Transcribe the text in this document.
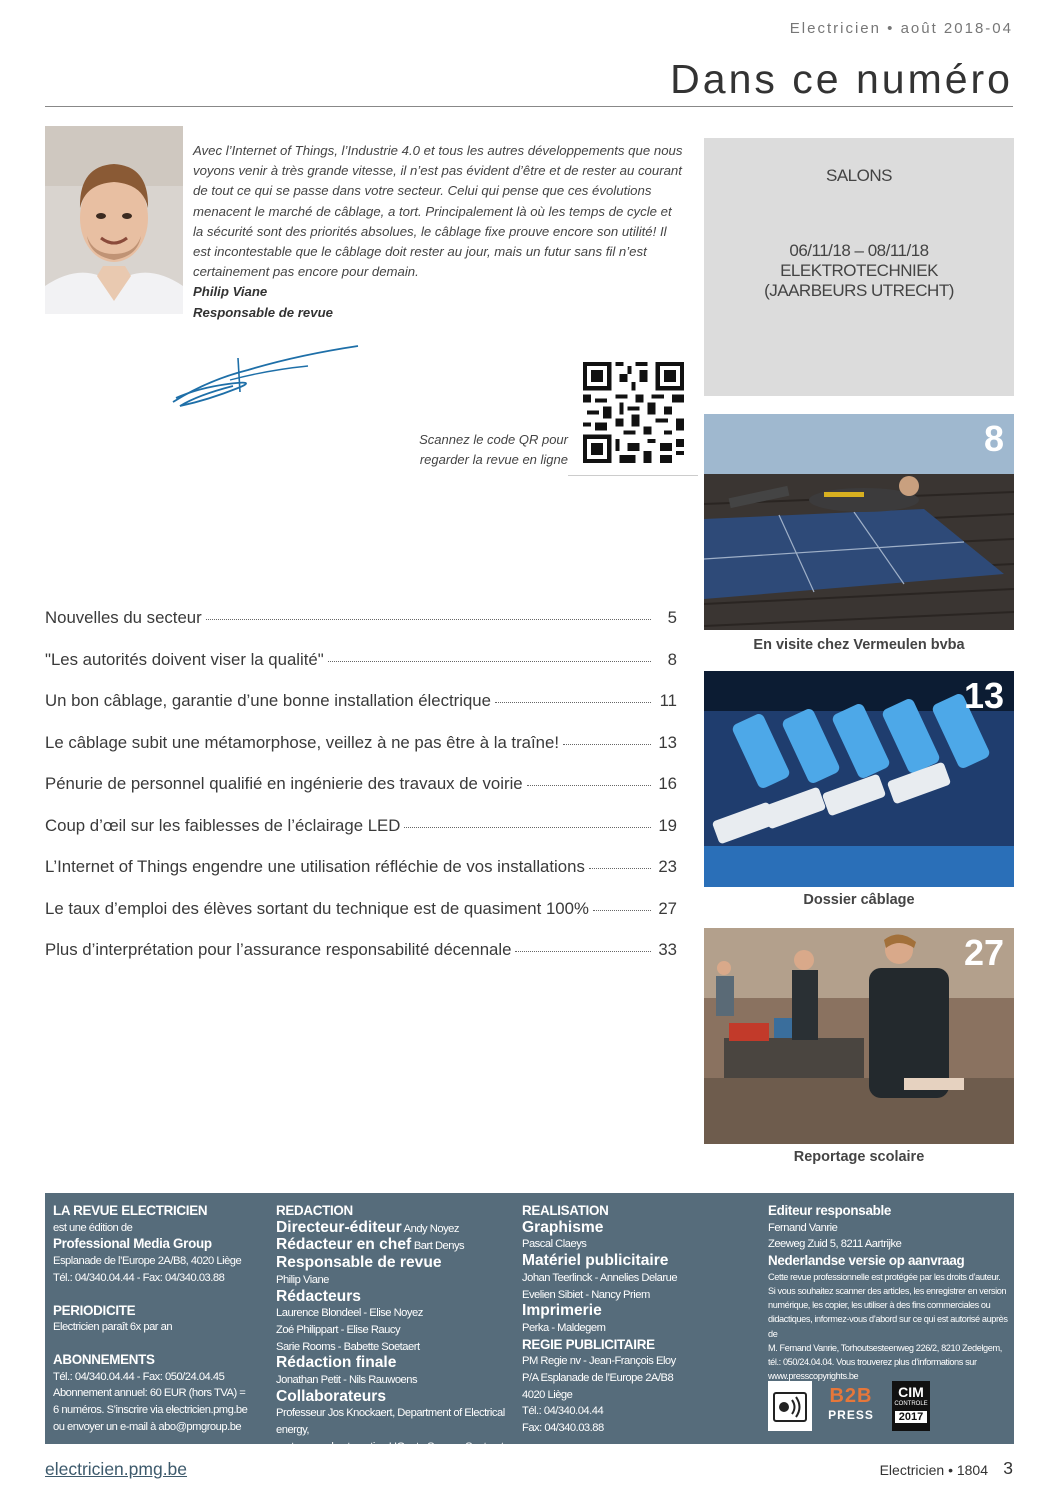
Electricien • août 2018-04
Dans ce numéro
Avec l’Internet of Things, l’Industrie 4.0 et tous les autres développements que nous voyons venir à très grande vitesse, il n’est pas évident d’être et de rester au courant de tout ce qui se passe dans votre secteur. Celui qui pense que ces évolutions menacent le marché de câblage, a tort. Principalement là où les temps de cycle et la sécurité sont des priorités absolues, le câblage fixe prouve encore son utilité! Il est incontestable que le câblage doit rester au jour, mais un futur sans fil n’est certainement pas encore pour demain.
Philip Viane
Responsable de revue
Scannez le code QR pour regarder la revue en ligne
SALONS
06/11/18 – 08/11/18
ELEKTROTECHNIEK
(JAARBEURS UTRECHT)
8
En visite chez Vermeulen bvba
13
Dossier câblage
27
Reportage scolaire
Nouvelles du secteur	5
"Les autorités doivent viser la qualité"	8
Un bon câblage, garantie d’une bonne installation électrique	11
Le câblage subit une métamorphose, veillez à ne pas être à la traîne!	13
Pénurie de personnel qualifié en ingénierie des travaux de voirie	16
Coup d’œil sur les faiblesses de l’éclairage LED	19
L’Internet of Things engendre une utilisation réfléchie de vos installations	23
Le taux d’emploi des élèves sortant du technique est de quasiment 100%	27
Plus d’interprétation pour l’assurance responsabilité décennale	33
LA REVUE ELECTRICIEN
est une édition de
Professional Media Group
Esplanade de l’Europe 2A/B8, 4020 Liège
Tél.: 04/340.04.44 - Fax: 04/340.03.88
PERIODICITE
Electricien paraît 6x par an
ABONNEMENTS
Tél.: 04/340.04.44 - Fax: 050/24.04.45
Abonnement annuel: 60 EUR (hors TVA) =
6 numéros. S’inscrire via electricien.pmg.be
ou envoyer un e-mail à abo@pmgroup.be
REDACTION
Directeur-éditeur Andy Noyez
Rédacteur en chef Bart Denys
Responsable de revue
Philip Viane
Rédacteurs
Laurence Blondeel - Elise Noyez
Zoé Philippart - Elise Raucy
Sarie Rooms - Babette Soetaert
Rédaction finale
Jonathan Petit - Nils Rauwoens
Collaborateurs
Professeur Jos Knockaert, Department of Electrical energy,
systems and automation UGent - Sammy Soetaert
REALISATION
Graphisme
Pascal Claeys
Matériel publicitaire
Johan Teerlinck - Annelies Delarue
Evelien Sibiet - Nancy Priem
Imprimerie
Perka - Maldegem
REGIE PUBLICITAIRE
PM Regie nv - Jean-François Eloy
P/A Esplanade de l’Europe 2A/B8
4020 Liège
Tél.: 04/340.04.44
Fax: 04/340.03.88
Editeur responsable
Fernand Vanrie
Zeeweg Zuid 5, 8211 Aartrijke
Nederlandse versie op aanvraag
Cette revue professionnelle est protégée par les droits d’auteur.
Si vous souhaitez scanner des articles, les enregistrer en version
numérique, les copier, les utiliser à des fins commerciales ou
didactiques, informez-vous d’abord sur ce qui est autorisé auprès de
M. Fernand Vanrie, Torhoutsesteenweg 226/2, 8210 Zedelgem,
tél.: 050/24.04.04. Vous trouverez plus d’informations sur
www.presscopyrights.be
B2B
PRESS
CIM
CONTROLE
2017
electricien.pmg.be	Electricien • 1804 3
